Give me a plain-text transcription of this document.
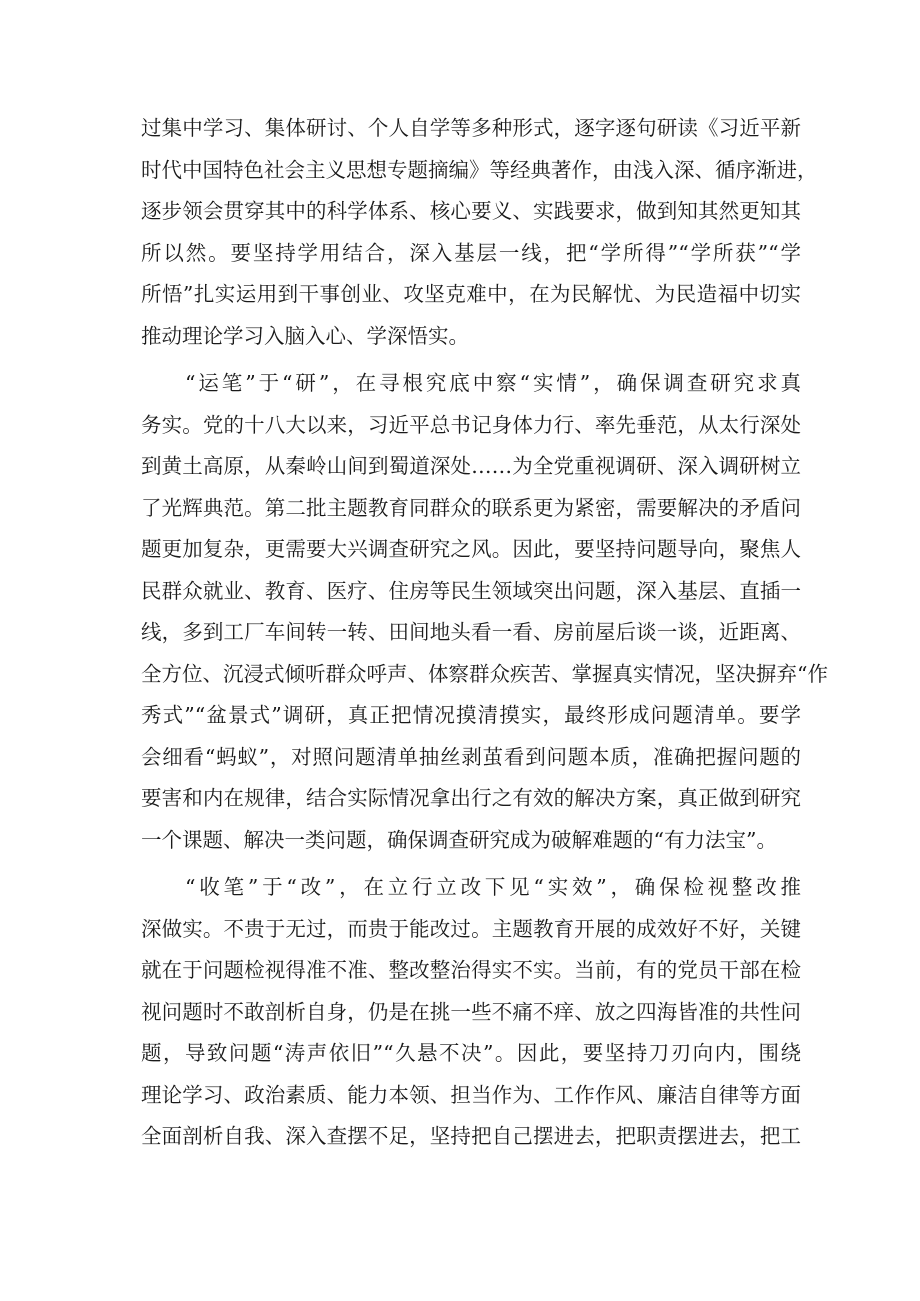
过集中学习、集体研讨、个人自学等多种形式，逐字逐句研读《习近平新
时代中国特色社会主义思想专题摘编》等经典著作，由浅入深、循序渐进，
逐步领会贯穿其中的科学体系、核心要义、实践要求，做到知其然更知其
所以然。要坚持学用结合，深入基层一线，把“学所得”“学所获”“学
所悟”扎实运用到干事创业、攻坚克难中，在为民解忧、为民造福中切实
推动理论学习入脑入心、学深悟实。
“运笔”于“研”，在寻根究底中察“实情”，确保调查研究求真
务实。党的十八大以来，习近平总书记身体力行、率先垂范，从太行深处
到黄土高原，从秦岭山间到蜀道深处……为全党重视调研、深入调研树立
了光辉典范。第二批主题教育同群众的联系更为紧密，需要解决的矛盾问
题更加复杂，更需要大兴调查研究之风。因此，要坚持问题导向，聚焦人
民群众就业、教育、医疗、住房等民生领域突出问题，深入基层、直插一
线，多到工厂车间转一转、田间地头看一看、房前屋后谈一谈，近距离、
全方位、沉浸式倾听群众呼声、体察群众疾苦、掌握真实情况，坚决摒弃“作
秀式”“盆景式”调研，真正把情况摸清摸实，最终形成问题清单。要学
会细看“蚂蚁”，对照问题清单抽丝剥茧看到问题本质，准确把握问题的
要害和内在规律，结合实际情况拿出行之有效的解决方案，真正做到研究
一个课题、解决一类问题，确保调查研究成为破解难题的“有力法宝”。
“收笔”于“改”，在立行立改下见“实效”，确保检视整改推
深做实。不贵于无过，而贵于能改过。主题教育开展的成效好不好，关键
就在于问题检视得准不准、整改整治得实不实。当前，有的党员干部在检
视问题时不敢剖析自身，仍是在挑一些不痛不痒、放之四海皆准的共性问
题，导致问题“涛声依旧”“久悬不决”。因此，要坚持刀刃向内，围绕
理论学习、政治素质、能力本领、担当作为、工作作风、廉洁自律等方面
全面剖析自我、深入查摆不足，坚持把自己摆进去，把职责摆进去，把工
